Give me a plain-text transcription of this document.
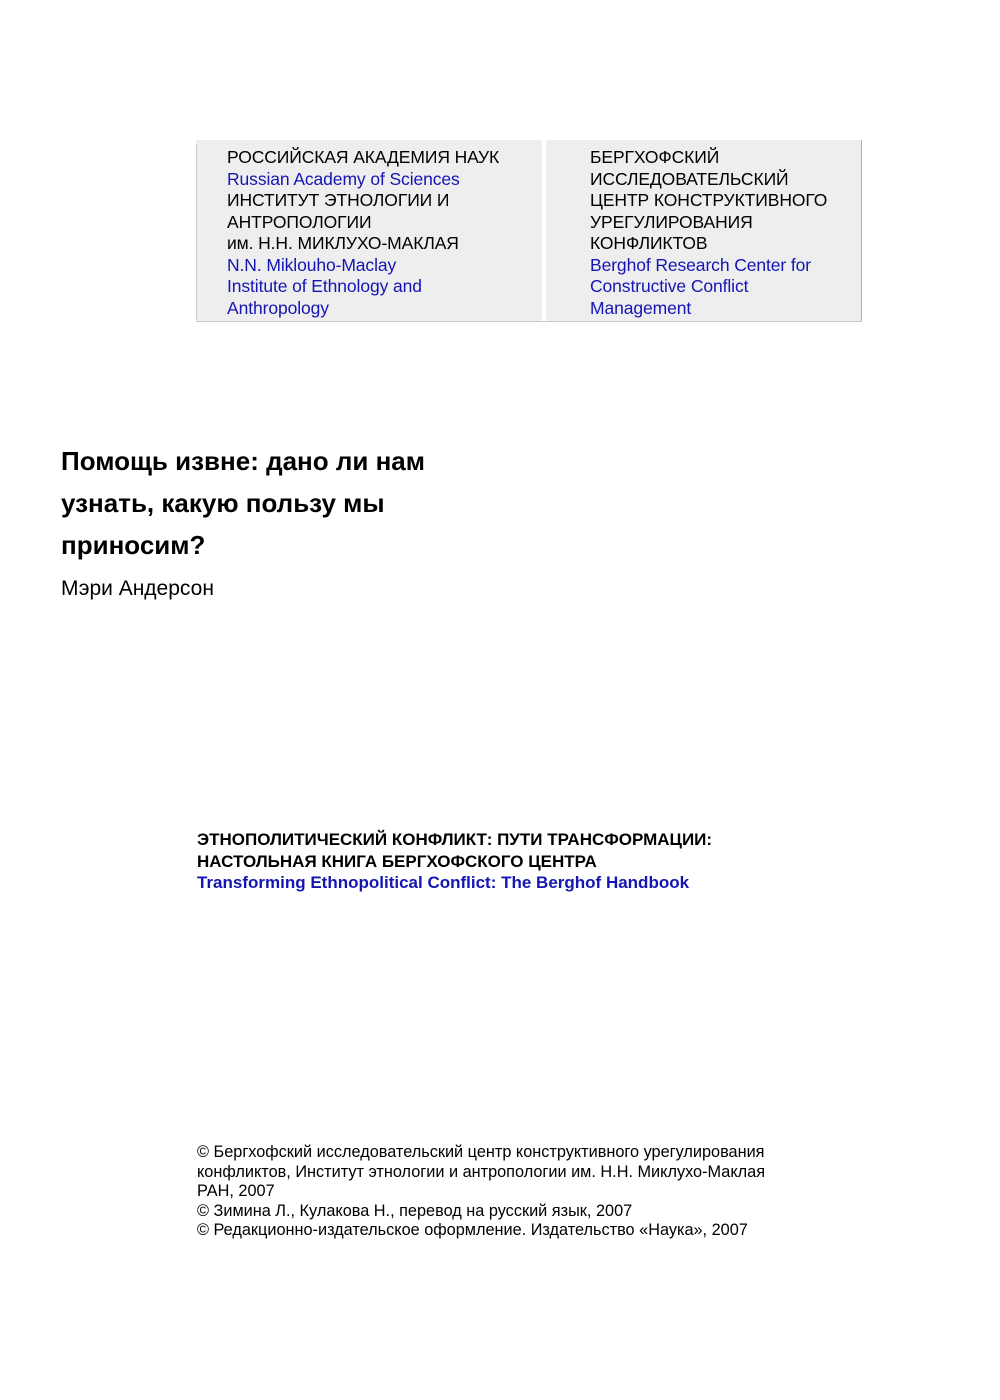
РОССИЙСКАЯ АКАДЕМИЯ НАУК
Russian Academy of Sciences
ИНСТИТУТ ЭТНОЛОГИИ И
АНТРОПОЛОГИИ
им. Н.Н. МИКЛУХО-МАКЛАЯ
N.N. Miklouho-Maclay
Institute of Ethnology and
Anthropology
БЕРГХОФСКИЙ
ИССЛЕДОВАТЕЛЬСКИЙ
ЦЕНТР КОНСТРУКТИВНОГО
УРЕГУЛИРОВАНИЯ
КОНФЛИКТОВ
Berghof Research Center for
Constructive Conflict
Management
Помощь извне: дано ли нам
узнать, какую пользу мы
приносим?
Мэри Андерсон
ЭТНОПОЛИТИЧЕСКИЙ КОНФЛИКТ: ПУТИ ТРАНСФОРМАЦИИ:
НАСТОЛЬНАЯ КНИГА БЕРГХОФСКОГО ЦЕНТРА
Transforming Ethnopolitical Conflict: The Berghof Handbook
© Бергхофский исследовательский центр конструктивного урегулирования
конфликтов, Институт этнологии и антропологии им. Н.Н. Миклухо-Маклая
РАН, 2007
© Зимина Л., Кулакова Н., перевод на русский язык, 2007
© Редакционно-издательское оформление. Издательство «Наука», 2007
